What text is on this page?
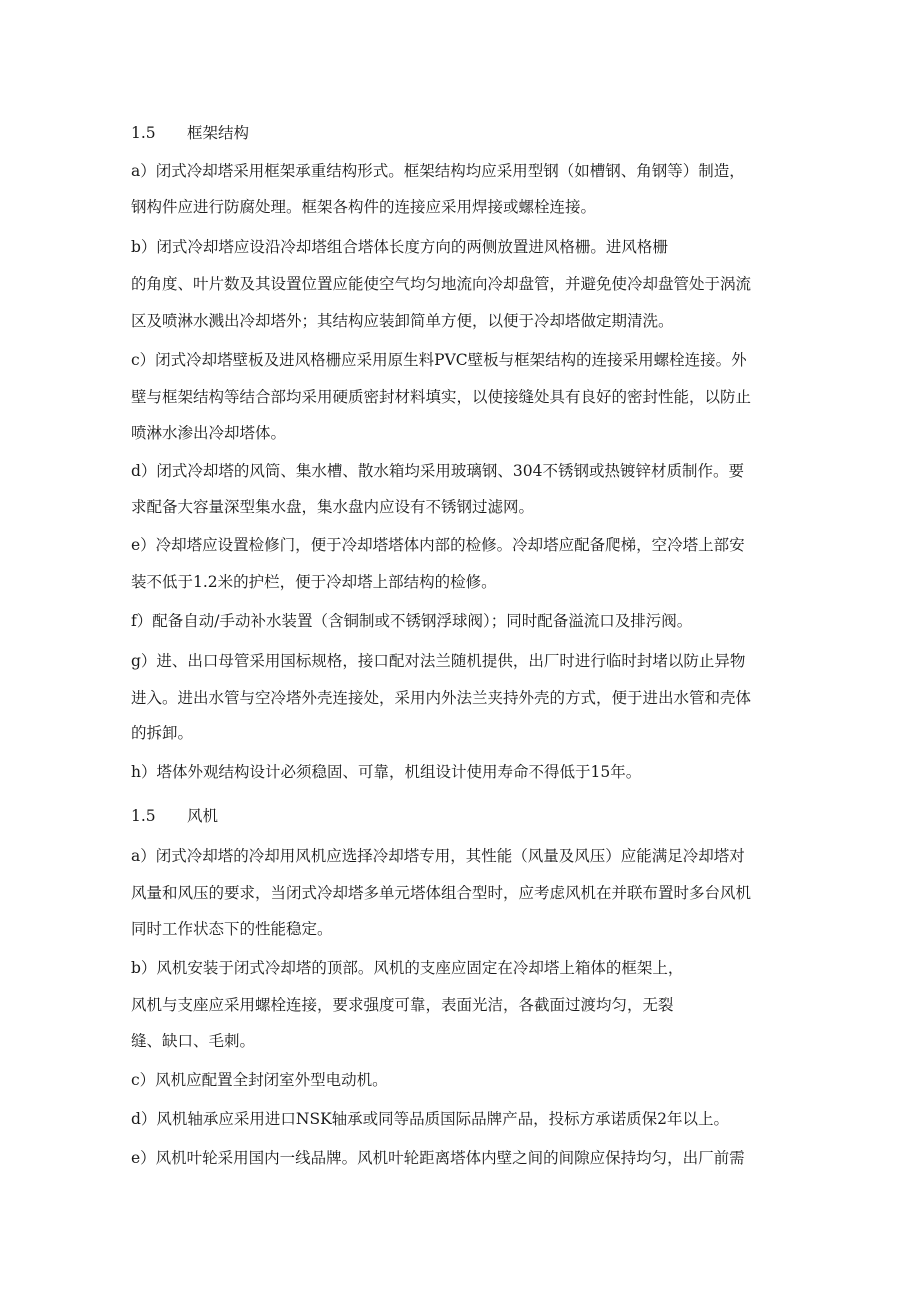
1.5 框架结构
a）闭式冷却塔采用框架承重结构形式。框架结构均应采用型钢（如槽钢、角钢等）制造，
钢构件应进行防腐处理。框架各构件的连接应采用焊接或螺栓连接。
b）闭式冷却塔应设沿冷却塔组合塔体长度方向的两侧放置进风格栅。进风格栅
的角度、叶片数及其设置位置应能使空气均匀地流向冷却盘管，并避免使冷却盘管处于涡流
区及喷淋水溅出冷却塔外；其结构应装卸简单方便，以便于冷却塔做定期清洗。
c）闭式冷却塔壁板及进风格栅应采用原生料PVC壁板与框架结构的连接采用螺栓连接。外
壁与框架结构等结合部均采用硬质密封材料填实，以使接缝处具有良好的密封性能，以防止
喷淋水渗出冷却塔体。
d）闭式冷却塔的风筒、集水槽、散水箱均采用玻璃钢、304不锈钢或热镀锌材质制作。要
求配备大容量深型集水盘，集水盘内应设有不锈钢过滤网。
e）冷却塔应设置检修门，便于冷却塔塔体内部的检修。冷却塔应配备爬梯，空冷塔上部安
装不低于1.2米的护栏，便于冷却塔上部结构的检修。
f）配备自动/手动补水装置（含铜制或不锈钢浮球阀）；同时配备溢流口及排污阀。
g）进、出口母管采用国标规格，接口配对法兰随机提供，出厂时进行临时封堵以防止异物
进入。进出水管与空冷塔外壳连接处，采用内外法兰夹持外壳的方式，便于进出水管和壳体
的拆卸。
h）塔体外观结构设计必须稳固、可靠，机组设计使用寿命不得低于15年。
1.5 风机
a）闭式冷却塔的冷却用风机应选择冷却塔专用，其性能（风量及风压）应能满足冷却塔对
风量和风压的要求，当闭式冷却塔多单元塔体组合型时，应考虑风机在并联布置时多台风机
同时工作状态下的性能稳定。
b）风机安装于闭式冷却塔的顶部。风机的支座应固定在冷却塔上箱体的框架上，
风机与支座应采用螺栓连接，要求强度可靠，表面光洁，各截面过渡均匀，无裂
缝、缺口、毛刺。
c）风机应配置全封闭室外型电动机。
d）风机轴承应采用进口NSK轴承或同等品质国际品牌产品，投标方承诺质保2年以上。
e）风机叶轮采用国内一线品牌。风机叶轮距离塔体内壁之间的间隙应保持均匀，出厂前需
